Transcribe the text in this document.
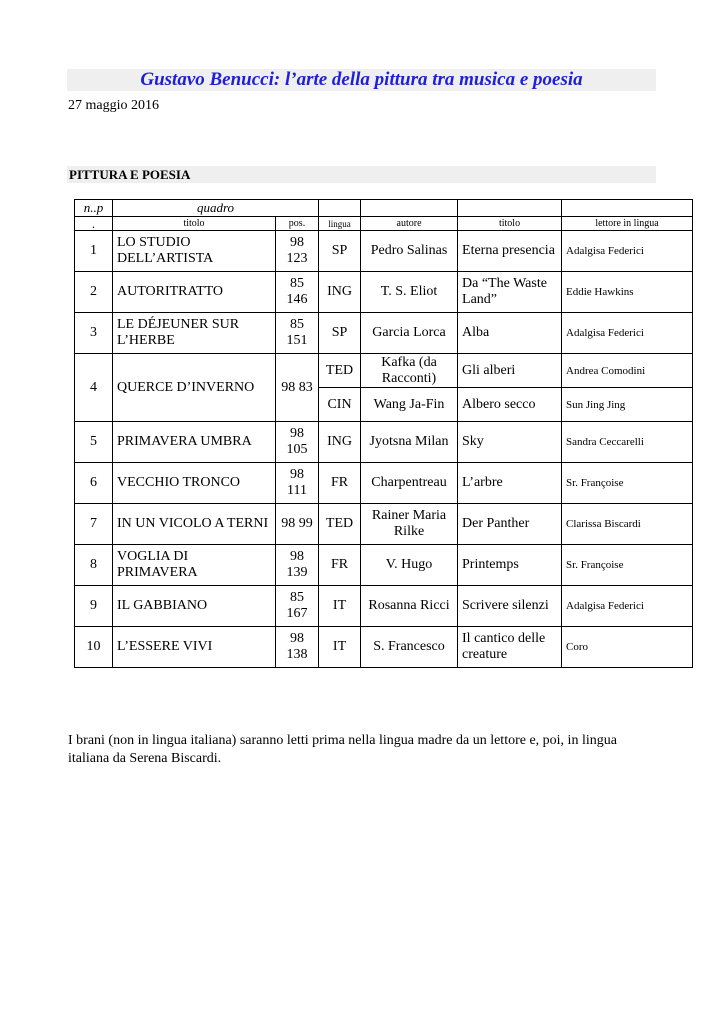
Gustavo Benucci: l’arte della pittura tra musica e poesia
27 maggio 2016
PITTURA E POESIA
n..p	quadro					
.	titolo	pos.	lingua	autore	titolo	lettore in lingua
1	LO STUDIO DELL’ARTISTA	98 123	SP	Pedro Salinas	Eterna presencia	Adalgisa Federici
2	AUTORITRATTO	85 146	ING	T. S. Eliot	Da “The Waste Land”	Eddie Hawkins
3	LE DÉJEUNER SUR L’HERBE	85 151	SP	Garcia Lorca	Alba	Adalgisa Federici
4	QUERCE D’INVERNO	98 83	TED	Kafka (da Racconti)	Gli alberi	Andrea Comodini
			CIN	Wang Ja-Fin	Albero secco	Sun Jing Jing
5	PRIMAVERA UMBRA	98 105	ING	Jyotsna Milan	Sky	Sandra Ceccarelli
6	VECCHIO TRONCO	98 111	FR	Charpentreau	L’arbre	Sr. Françoise
7	IN UN VICOLO A TERNI	98 99	TED	Rainer Maria Rilke	Der Panther	Clarissa Biscardi
8	VOGLIA DI PRIMAVERA	98 139	FR	V. Hugo	Printemps	Sr. Françoise
9	IL GABBIANO	85 167	IT	Rosanna Ricci	Scrivere silenzi	Adalgisa Federici
10	L’ESSERE VIVI	98 138	IT	S. Francesco	Il cantico delle creature	Coro
I brani (non in lingua italiana) saranno letti prima nella lingua madre da un lettore e, poi, in lingua italiana da Serena Biscardi.
